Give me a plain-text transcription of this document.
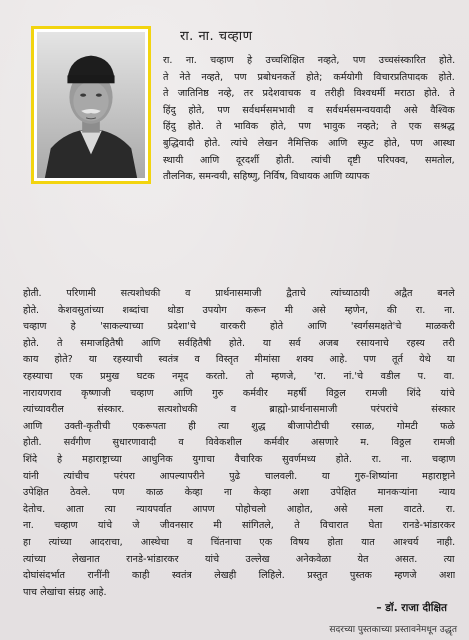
रा. ना. चव्हाण

रा. ना. चव्हाण हे उच्चशिक्षित नव्हते, पण उच्चसंस्कारित होते.
ते नेते नव्हते, पण प्रबोधनकर्ते होते; कर्मयोगी विचारप्रतिपादक होते.
ते जातिनिष्ठ नव्हे, तर प्रदेशवाचक व तरीही विश्वधर्मी मराठा होते. ते
हिंदु होते, पण सर्वधर्मसमभावी व सर्वधर्मसमन्वयवादी असे वैश्विक
हिंदु होते. ते भाविक होते, पण भावुक नव्हते; ते एक सश्रद्ध
बुद्धिवादी होते. त्यांचे लेखन नैमित्तिक आणि स्फुट होते, पण आस्था
स्थायी आणि दूरदर्शी होती. त्यांची दृष्टी परिपक्व, समतोल,
तौलनिक, समन्वयी, सहिष्णु, निर्विष, विधायक आणि व्यापक

होती. परिणामी सत्यशोधकी व प्रार्थनासमाजी द्वैताचे त्यांच्याठायी अद्वैत बनले
होते. केशवसुतांच्या शब्दांचा थोडा उपयोग करून मी असे म्हणेन, की रा. ना.
चव्हाण हे 'साकल्याच्या प्रदेशा'चे वारकरी होते आणि 'स्वर्गसमक्षते'चे माळकरी
होते. ते समाजहितैषी आणि सर्वहितैषी होते. या सर्व अजब रसायनाचे रहस्य तरी
काय होते? या रहस्याची स्वतंत्र व विस्तृत मीमांसा शक्य आहे. पण तूर्त येथे या
रहस्याचा एक प्रमुख घटक नमूद करतो. तो म्हणजे, 'रा. नां.'चे वडील प. वा.
नारायणराव कृष्णाजी चव्हाण आणि गुरु कर्मवीर महर्षी विठ्ठल रामजी शिंदे यांचे
त्यांच्यावरील संस्कार. सत्यशोधकी व ब्राह्मो-प्रार्थनासमाजी परंपरांचे संस्कार
आणि उक्ती-कृतीची एकरूपता ही त्या शुद्ध बीजापोटीची रसाळ, गोमटी फळे
होती. सर्वंगीण सुधारणावादी व विवेकशील कर्मवीर असणारे म. विठ्ठल रामजी
शिंदे हे महाराष्ट्राच्या आधुनिक युगाचा वैचारिक सुवर्णमध्य होते. रा. ना. चव्हाण
यांनी त्यांचीच परंपरा आपल्यापरीने पुढे चालवली. या गुरु-शिष्यांना महाराष्ट्राने
उपेक्षित ठेवले. पण काळ केव्हा ना केव्हा अशा उपेक्षित मानकऱ्यांना न्याय
देतोच. आता त्या न्यायपर्वात आपण पोहोचलो आहोत, असे मला वाटते. रा.
ना. चव्हाण यांचे जे जीवनसार मी सांगितले, ते विचारात घेता रानडे-भांडारकर
हा त्यांच्या आदराचा, आस्थेचा व चिंतनाचा एक विषय होता यात आश्चर्य नाही.
त्यांच्या लेखनात रानडे-भांडारकर यांचे उल्लेख अनेकवेळा येत असत. त्या
दोघांसंदर्भात रानींनी काही स्वतंत्र लेखही लिहिले. प्रस्तुत पुस्तक म्हणजे अशा
पाच लेखांचा संग्रह आहे.

– डॉ. राजा दीक्षित
सदरच्या पुस्तकाच्या प्रस्तावनेमधून उद्धृत
